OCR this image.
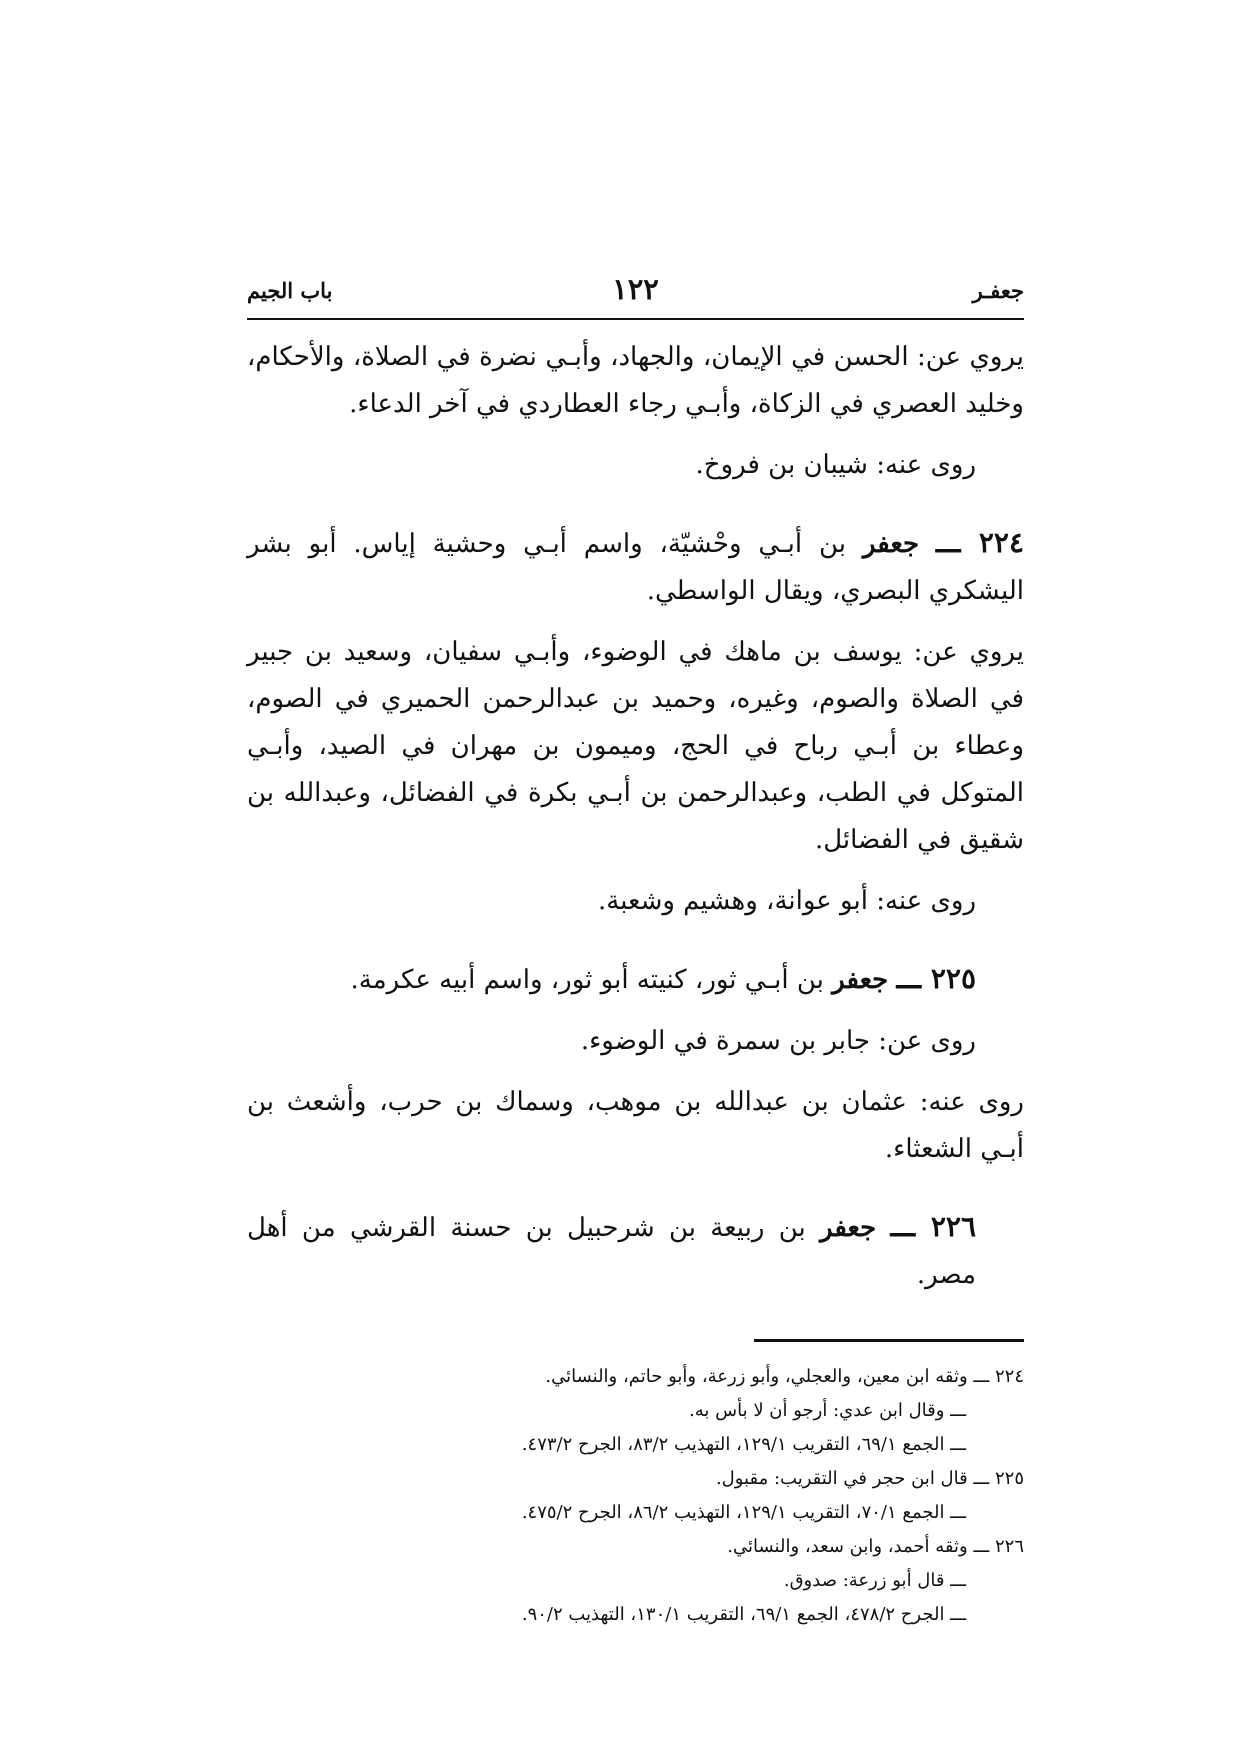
جعفـر
١٢٢
باب الجيم

يروي عن: الحسن في الإيمان، والجهاد، وأبـي نضرة في الصلاة، والأحكام، وخليد العصري في الزكاة، وأبـي رجاء العطاردي في آخر الدعاء.

روى عنه: شيبان بن فروخ.

٢٢٤ ـــ جعفر بن أبـي وحْشيّة، واسم أبـي وحشية إياس. أبو بشر اليشكري البصري، ويقال الواسطي.

يروي عن: يوسف بن ماهك في الوضوء، وأبـي سفيان، وسعيد بن جبير في الصلاة والصوم، وغيره، وحميد بن عبدالرحمن الحميري في الصوم، وعطاء بن أبـي رباح في الحج، وميمون بن مهران في الصيد، وأبـي المتوكل في الطب، وعبدالرحمن بن أبـي بكرة في الفضائل، وعبدالله بن شقيق في الفضائل.

روى عنه: أبو عوانة، وهشيم وشعبة.

٢٢٥ ـــ جعفر بن أبـي ثور، كنيته أبو ثور، واسم أبيه عكرمة.

روى عن: جابر بن سمرة في الوضوء.

روى عنه: عثمان بن عبدالله بن موهب، وسماك بن حرب، وأشعث بن أبـي الشعثاء.

٢٢٦ ـــ جعفر بن ربيعة بن شرحبيل بن حسنة القرشي من أهل مصر.

٢٢٤ ـــ وثقه ابن معين، والعجلي، وأبو زرعة، وأبو حاتم، والنسائي.

ـــ وقال ابن عدي: أرجو أن لا بأس به.

ـــ الجمع ٦٩/١، التقريب ١٢٩/١، التهذيب ٨٣/٢، الجرح ٤٧٣/٢.

٢٢٥ ـــ قال ابن حجر في التقريب: مقبول.

ـــ الجمع ٧٠/١، التقريب ١٢٩/١، التهذيب ٨٦/٢، الجرح ٤٧٥/٢.

٢٢٦ ـــ وثقه أحمد، وابن سعد، والنسائي.

ـــ قال أبو زرعة: صدوق.

ـــ الجرح ٤٧٨/٢، الجمع ٦٩/١، التقريب ١٣٠/١، التهذيب ٩٠/٢.
